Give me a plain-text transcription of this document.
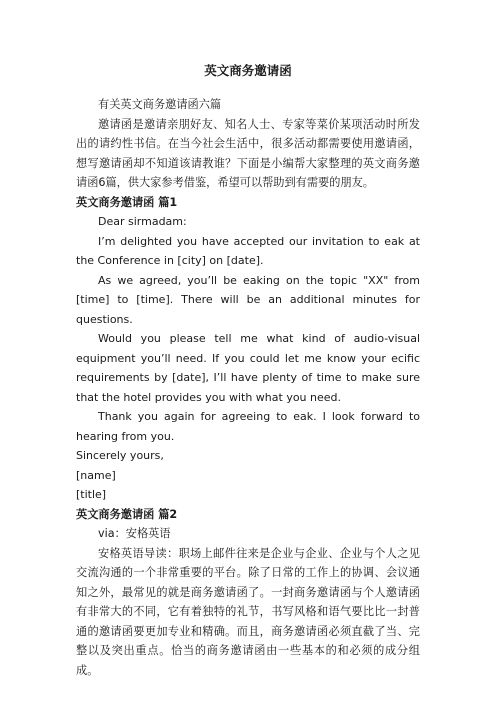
英文商务邀请函

有关英文商务邀请函六篇

邀请函是邀请亲朋好友、知名人士、专家等菜价某项活动时所发出的请约性书信。在当今社会生活中，很多活动都需要使用邀请函，想写邀请函却不知道该请教谁？下面是小编帮大家整理的英文商务邀请函6篇，供大家参考借鉴，希望可以帮助到有需要的朋友。

英文商务邀请函 篇1

Dear sirmadam:

I’m delighted you have accepted our invitation to eak at the Conference in [city] on [date].

As we agreed, you’ll be eaking on the topic "XX" from [time] to [time]. There will be an additional minutes for questions.

Would you please tell me what kind of audio-visual equipment you’ll need. If you could let me know your ecific requirements by [date], I’ll have plenty of time to make sure that the hotel provides you with what you need.

Thank you again for agreeing to eak. I look forward to hearing from you.

Sincerely yours,

[name]

[title]

英文商务邀请函 篇2

via：安格英语

安格英语导读：职场上邮件往来是企业与企业、企业与个人之见交流沟通的一个非常重要的平台。除了日常的工作上的协调、会议通知之外，最常见的就是商务邀请函了。一封商务邀请函与个人邀请函有非常大的不同，它有着独特的礼节，书写风格和语气要比比一封普通的邀请函要更加专业和精确。而且，商务邀请函必须直截了当、完整以及突出重点。恰当的商务邀请函由一些基本的和必须的成分组成。
